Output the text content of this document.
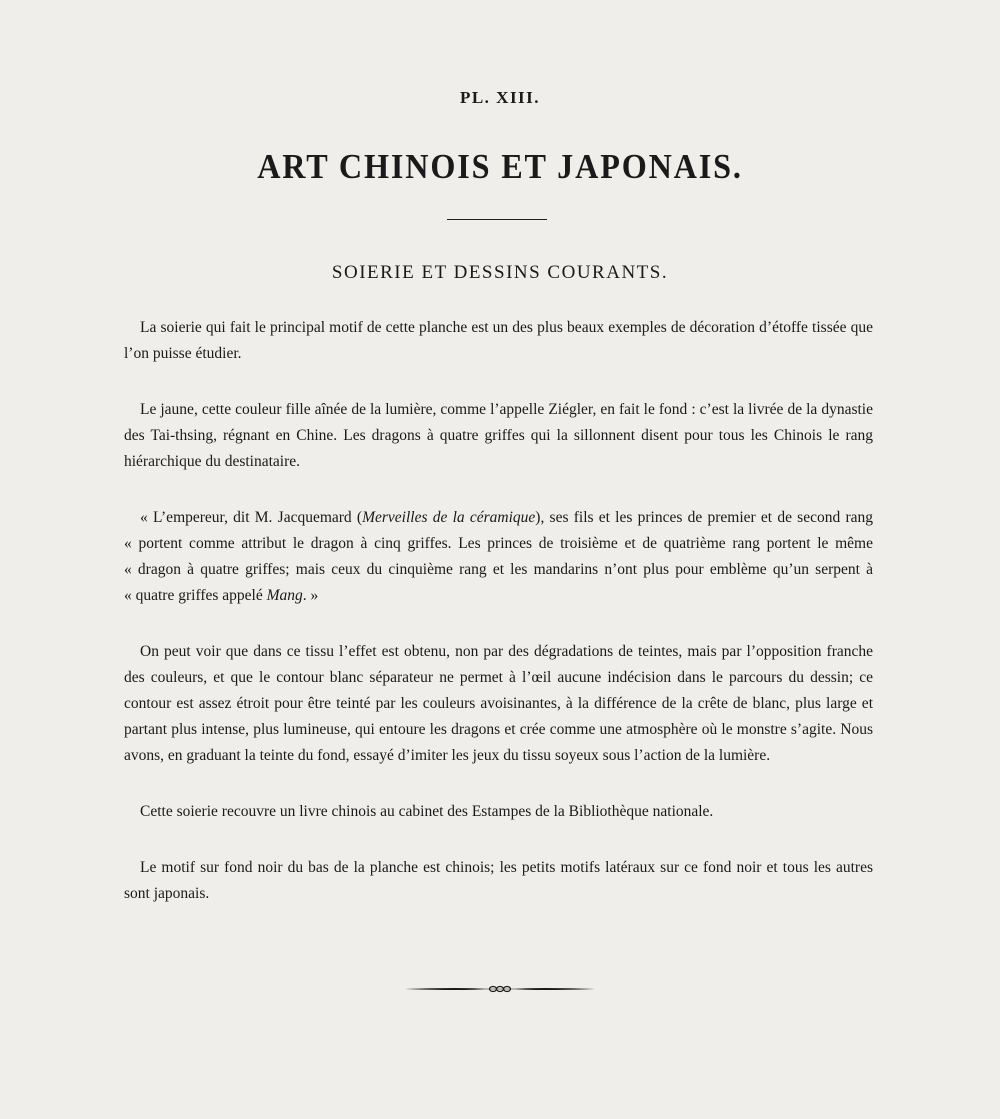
PL. XIII.
ART CHINOIS ET JAPONAIS.
SOIERIE ET DESSINS COURANTS.

La soierie qui fait le principal motif de cette planche est un des plus beaux exemples de décoration d’étoffe tissée que l’on puisse étudier.

Le jaune, cette couleur fille aînée de la lumière, comme l’appelle Ziégler, en fait le fond : c’est la livrée de la dynastie des Tai-thsing, régnant en Chine. Les dragons à quatre griffes qui la sillonnent disent pour tous les Chinois le rang hiérarchique du destinataire.

« L’empereur, dit M. Jacquemard (Merveilles de la céramique), ses fils et les princes de premier et de second rang
« portent comme attribut le dragon à cinq griffes. Les princes de troisième et de quatrième rang portent le même
« dragon à quatre griffes; mais ceux du cinquième rang et les mandarins n’ont plus pour emblème qu’un serpent à
« quatre griffes appelé Mang. »

On peut voir que dans ce tissu l’effet est obtenu, non par des dégradations de teintes, mais par l’opposition franche des couleurs, et que le contour blanc séparateur ne permet à l’œil aucune indécision dans le parcours du dessin; ce contour est assez étroit pour être teinté par les couleurs avoisinantes, à la différence de la crête de blanc, plus large et partant plus intense, plus lumineuse, qui entoure les dragons et crée comme une atmosphère où le monstre s’agite. Nous avons, en graduant la teinte du fond, essayé d’imiter les jeux du tissu soyeux sous l’action de la lumière.

Cette soierie recouvre un livre chinois au cabinet des Estampes de la Bibliothèque nationale.

Le motif sur fond noir du bas de la planche est chinois; les petits motifs latéraux sur ce fond noir et tous les autres sont japonais.
